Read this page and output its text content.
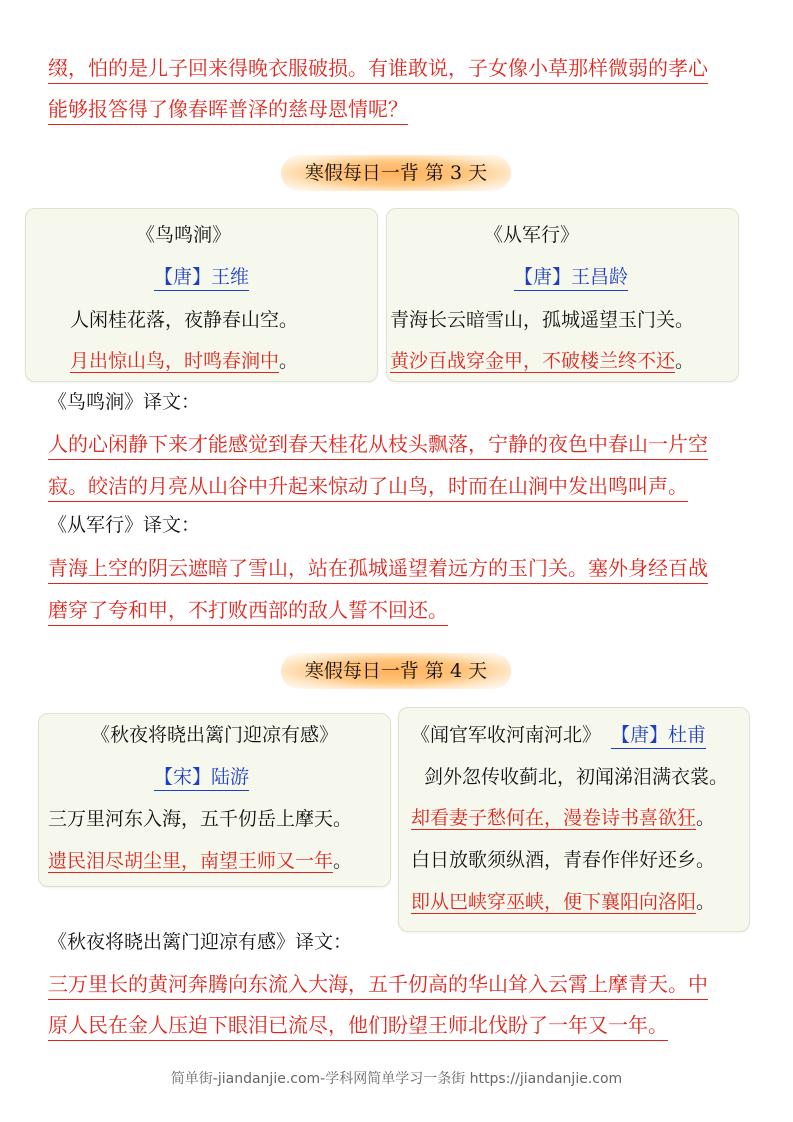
缀，怕的是儿子回来得晚衣服破损。有谁敢说，子女像小草那样微弱的孝心
能够报答得了像春晖普泽的慈母恩情呢？
寒假每日一背 第 3 天
《鸟鸣涧》
【唐】王维
人闲桂花落，夜静春山空。
月出惊山鸟，时鸣春涧中。
《从军行》
【唐】王昌龄
青海长云暗雪山，孤城遥望玉门关。
黄沙百战穿金甲，不破楼兰终不还。
《鸟鸣涧》译文：
人的心闲静下来才能感觉到春天桂花从枝头飘落，宁静的夜色中春山一片空
寂。皎洁的月亮从山谷中升起来惊动了山鸟，时而在山涧中发出鸣叫声。
《从军行》译文：
青海上空的阴云遮暗了雪山，站在孤城遥望着远方的玉门关。塞外身经百战
磨穿了夸和甲，不打败西部的敌人誓不回还。
寒假每日一背 第 4 天
《秋夜将晓出篱门迎凉有感》
【宋】陆游
三万里河东入海，五千仞岳上摩天。
遗民泪尽胡尘里，南望王师又一年。
《闻官军收河南河北》 【唐】杜甫
剑外忽传收蓟北，初闻涕泪满衣裳。
却看妻子愁何在，漫卷诗书喜欲狂。
白日放歌须纵酒，青春作伴好还乡。
即从巴峡穿巫峡，便下襄阳向洛阳。
《秋夜将晓出篱门迎凉有感》译文：
三万里长的黄河奔腾向东流入大海，五千仞高的华山耸入云霄上摩青天。中
原人民在金人压迫下眼泪已流尽，他们盼望王师北伐盼了一年又一年。
简单街-jiandanjie.com-学科网简单学习一条街 https://jiandanjie.com
